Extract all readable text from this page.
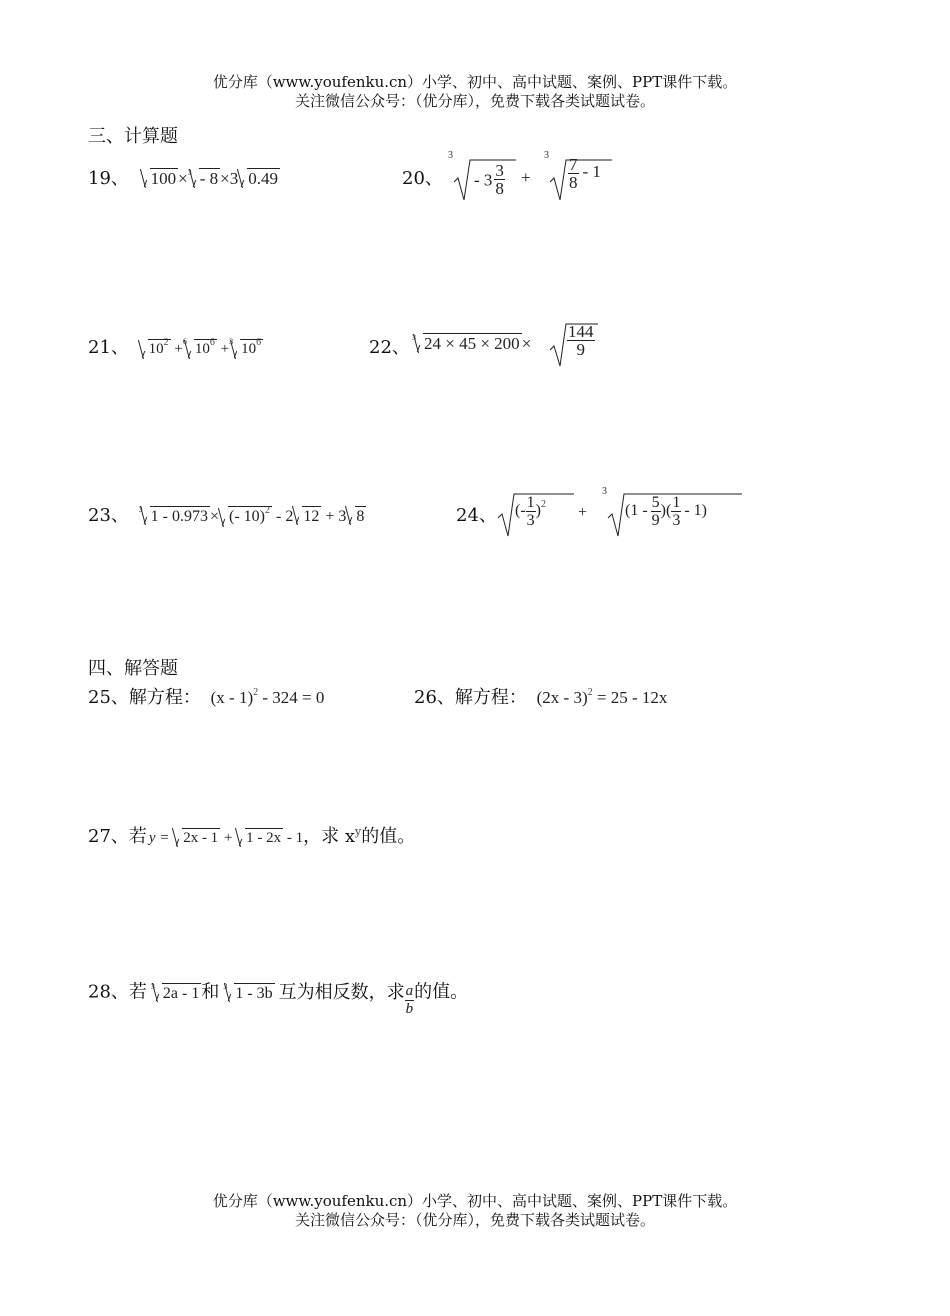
优分库（www.youfenku.cn）小学、初中、高中试题、案例、PPT课件下载。
关注微信公众号：（优分库），免费下载各类试题试卷。
三、计算题
19、 100 ×$^3$ - 8 ×3 0.49	20、
3
- $3 \frac{3}{8}$ +
3
$\frac{7}{8} - 1$
21、 $10^2 +^6$ $10^6 +^3$ $10^6$	22、 $^3$ $24 \times 45 \times 200 \times \frac{144}{9}$
23、 $^3$ 1 - 0.973 × (- 10)$^2$ - 2 12 + 3 8	24、 (- $\frac{1}{3} )^2$ +
3
($1 - \frac{5}{9}$ )( $\frac{1}{3} - 1$)
四、解答题
25、解方程： (x - 1)$^2$ - 324 = 0	26、解方程： (2x - 3)$^2$ = 25 - 12x
27、若 y = 2x - 1 + 1 - 2x - 1，求 $x^y$的值。
28、若 $^3$ 2a - 1 和 $^3$ 1 - 3b 互为相反数，求 $\frac{a}{b}$ 的值。
优分库（www.youfenku.cn）小学、初中、高中试题、案例、PPT课件下载。
关注微信公众号：（优分库），免费下载各类试题试卷。
